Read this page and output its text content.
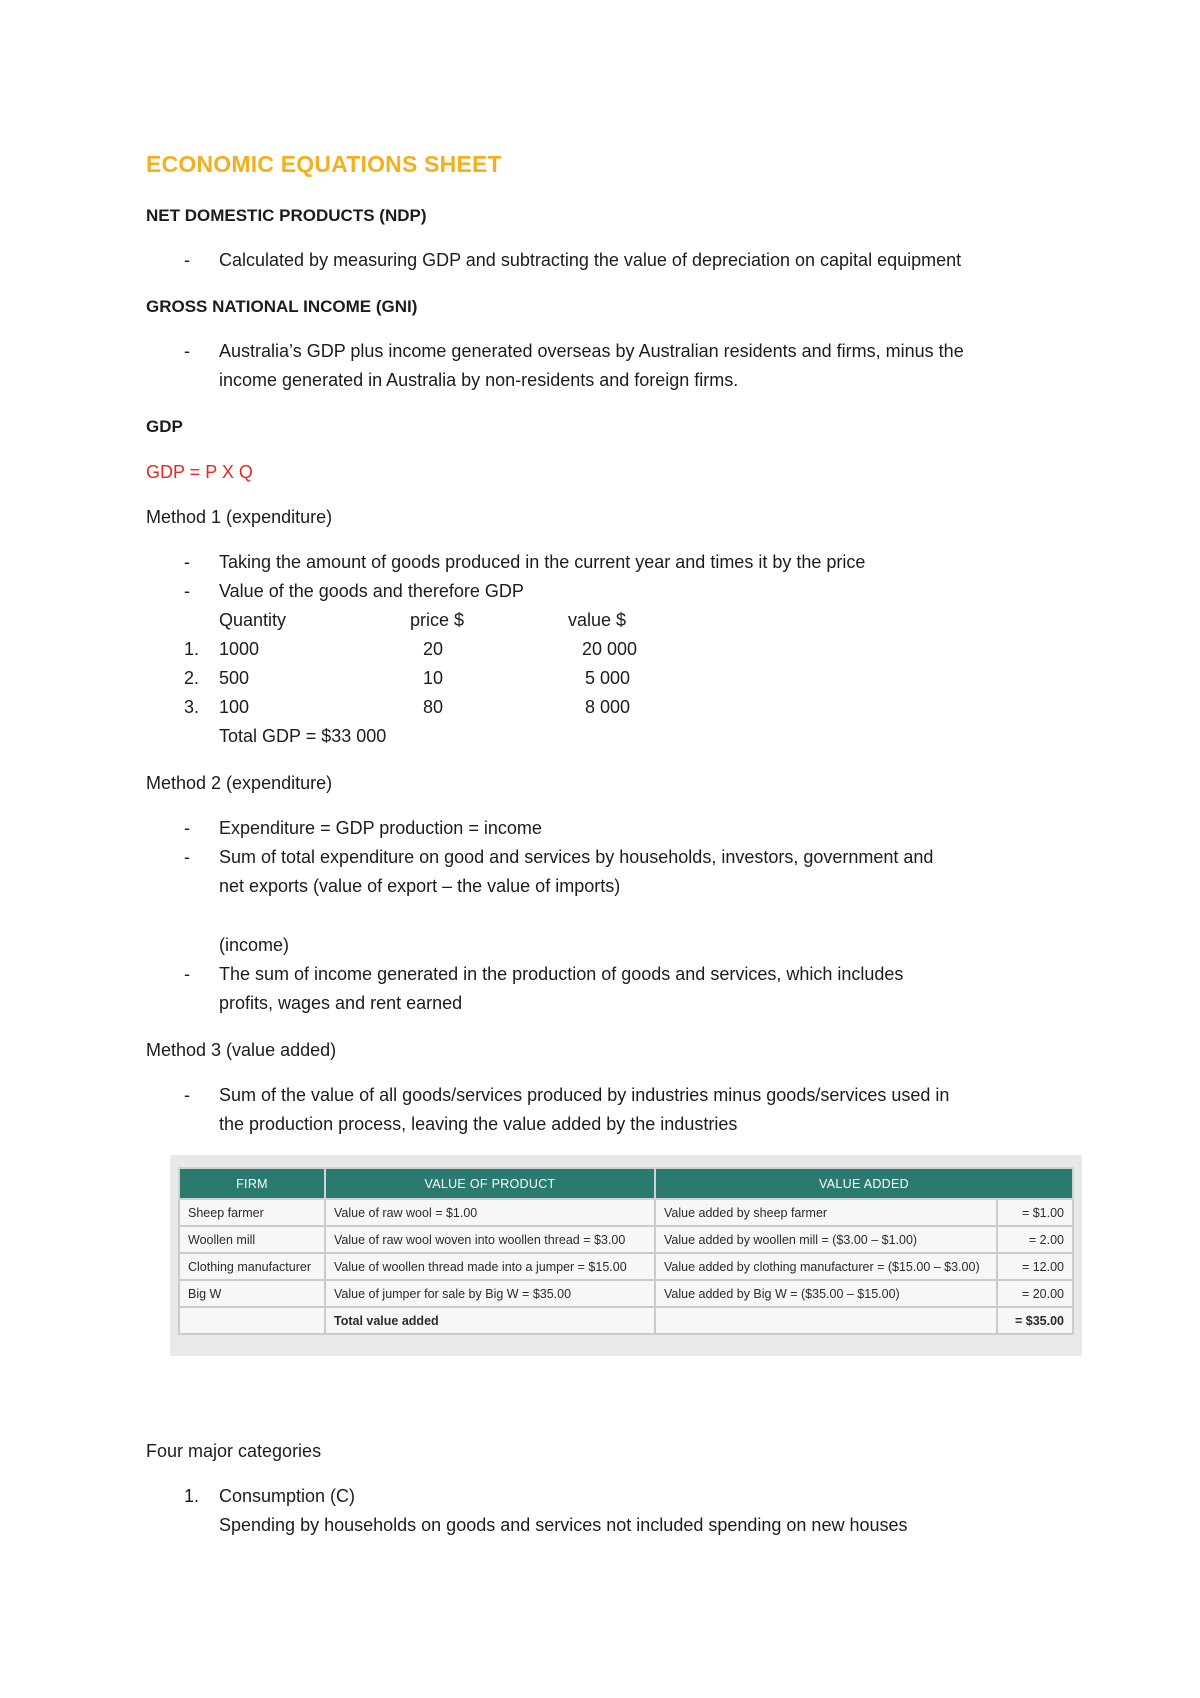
ECONOMIC EQUATIONS SHEET
NET DOMESTIC PRODUCTS (NDP)
- Calculated by measuring GDP and subtracting the value of depreciation on capital equipment
GROSS NATIONAL INCOME (GNI)
- Australia’s GDP plus income generated overseas by Australian residents and firms, minus the
income generated in Australia by non-residents and foreign firms.
GDP
GDP = P X Q
Method 1 (expenditure)
- Taking the amount of goods produced in the current year and times it by the price
- Value of the goods and therefore GDP
Quantity	price $	value $
1. 1000	20	20 000
2. 500	10	5 000
3. 100	80	8 000
Total GDP = $33 000
Method 2 (expenditure)
- Expenditure = GDP production = income
- Sum of total expenditure on good and services by households, investors, government and
net exports (value of export – the value of imports)
(income)
- The sum of income generated in the production of goods and services, which includes
profits, wages and rent earned
Method 3 (value added)
- Sum of the value of all goods/services produced by industries minus goods/services used in
the production process, leaving the value added by the industries
FIRM	VALUE OF PRODUCT	VALUE ADDED	
Sheep farmer	Value of raw wool = $1.00	Value added by sheep farmer	= $1.00
Woollen mill	Value of raw wool woven into woollen thread = $3.00	Value added by woollen mill = ($3.00 – $1.00)	= 2.00
Clothing manufacturer	Value of woollen thread made into a jumper = $15.00	Value added by clothing manufacturer = ($15.00 – $3.00)	= 12.00
Big W	Value of jumper for sale by Big W = $35.00	Value added by Big W = ($35.00 – $15.00)	= 20.00
	Total value added		= $35.00
Four major categories
1. Consumption (C)
Spending by households on goods and services not included spending on new houses
